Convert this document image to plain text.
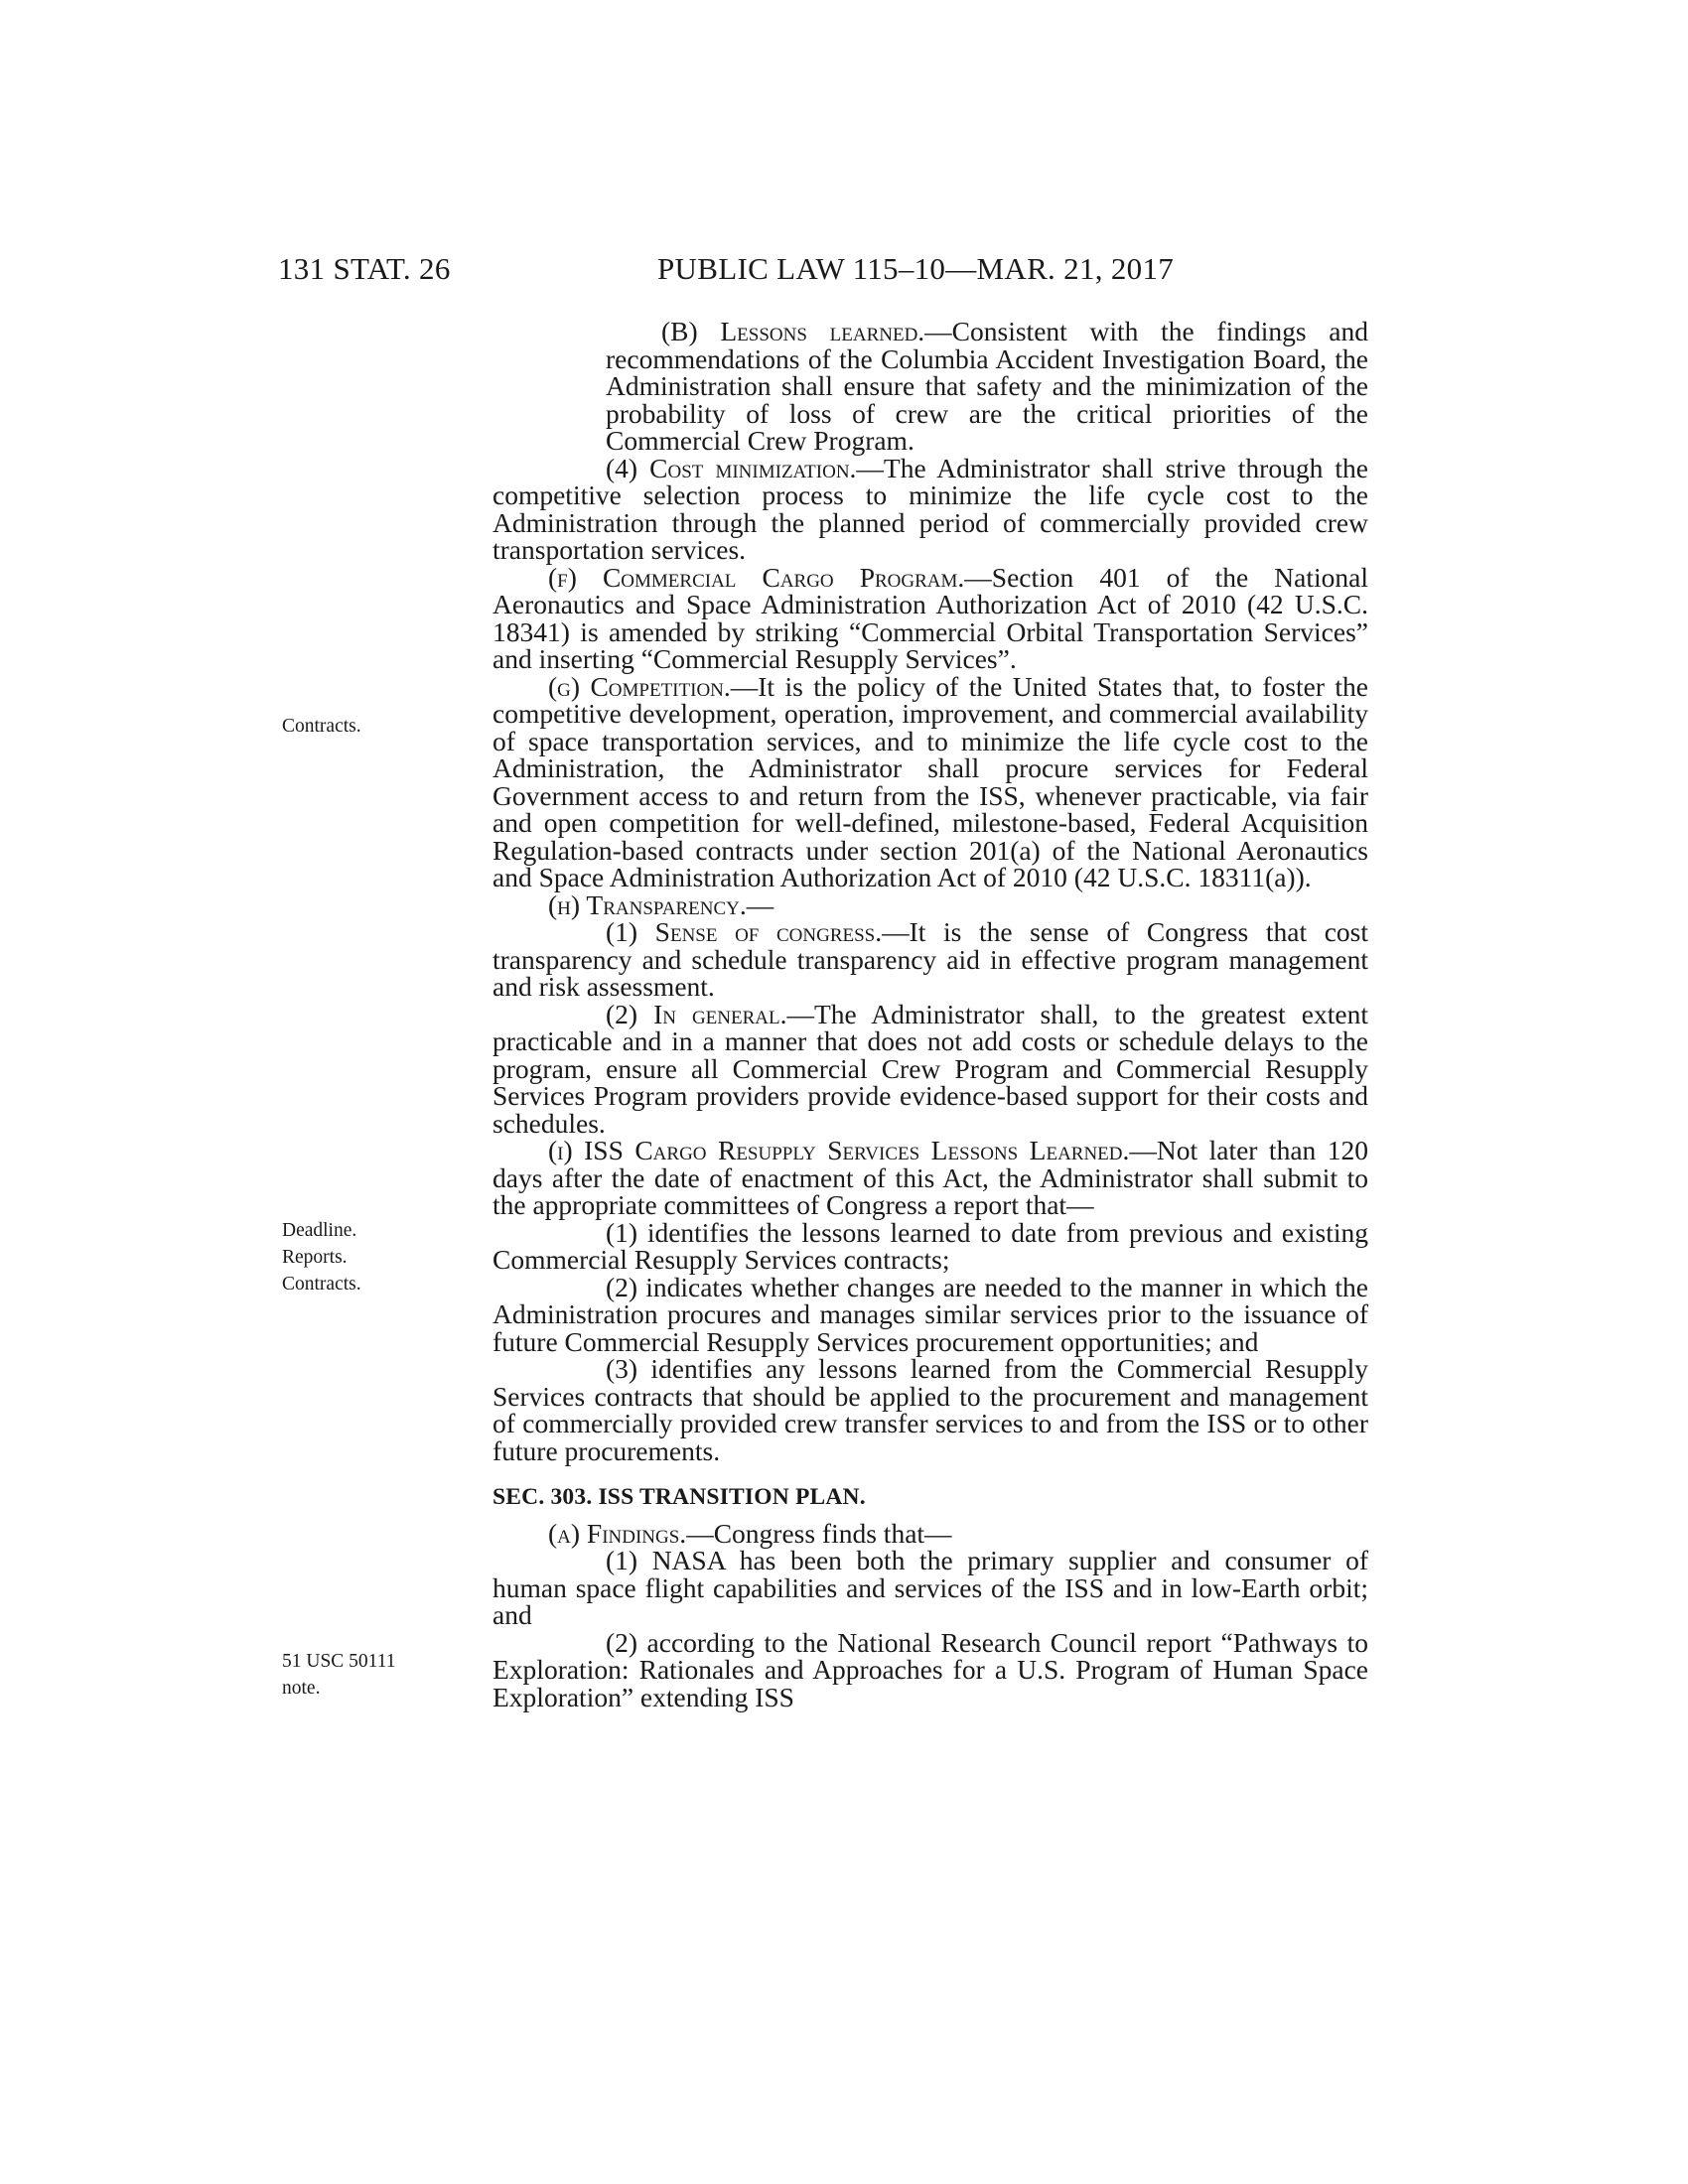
131 STAT. 26	PUBLIC LAW 115–10—MAR. 21, 2017
Contracts.
Deadline.
Reports.
Contracts.
51 USC 50111
note.

(B) Lessons learned.—Consistent with the findings and recommendations of the Columbia Accident Investigation Board, the Administration shall ensure that safety and the minimization of the probability of loss of crew are the critical priorities of the Commercial Crew Program.

(4) Cost minimization.—The Administrator shall strive through the competitive selection process to minimize the life cycle cost to the Administration through the planned period of commercially provided crew transportation services.

(f) Commercial Cargo Program.—Section 401 of the National Aeronautics and Space Administration Authorization Act of 2010 (42 U.S.C. 18341) is amended by striking “Commercial Orbital Transportation Services” and inserting “Commercial Resupply Services”.

(g) Competition.—It is the policy of the United States that, to foster the competitive development, operation, improvement, and commercial availability of space transportation services, and to minimize the life cycle cost to the Administration, the Administrator shall procure services for Federal Government access to and return from the ISS, whenever practicable, via fair and open competition for well-defined, milestone-based, Federal Acquisition Regulation-based contracts under section 201(a) of the National Aeronautics and Space Administration Authorization Act of 2010 (42 U.S.C. 18311(a)).

(h) Transparency.—

(1) Sense of congress.—It is the sense of Congress that cost transparency and schedule transparency aid in effective program management and risk assessment.

(2) In general.—The Administrator shall, to the greatest extent practicable and in a manner that does not add costs or schedule delays to the program, ensure all Commercial Crew Program and Commercial Resupply Services Program providers provide evidence-based support for their costs and schedules.

(i) ISS Cargo Resupply Services Lessons Learned.—Not later than 120 days after the date of enactment of this Act, the Administrator shall submit to the appropriate committees of Congress a report that—

(1) identifies the lessons learned to date from previous and existing Commercial Resupply Services contracts;

(2) indicates whether changes are needed to the manner in which the Administration procures and manages similar services prior to the issuance of future Commercial Resupply Services procurement opportunities; and

(3) identifies any lessons learned from the Commercial Resupply Services contracts that should be applied to the procurement and management of commercially provided crew transfer services to and from the ISS or to other future procurements.

SEC. 303. ISS TRANSITION PLAN.

(a) Findings.—Congress finds that—

(1) NASA has been both the primary supplier and consumer of human space flight capabilities and services of the ISS and in low-Earth orbit; and

(2) according to the National Research Council report “Pathways to Exploration: Rationales and Approaches for a U.S. Program of Human Space Exploration” extending ISS
